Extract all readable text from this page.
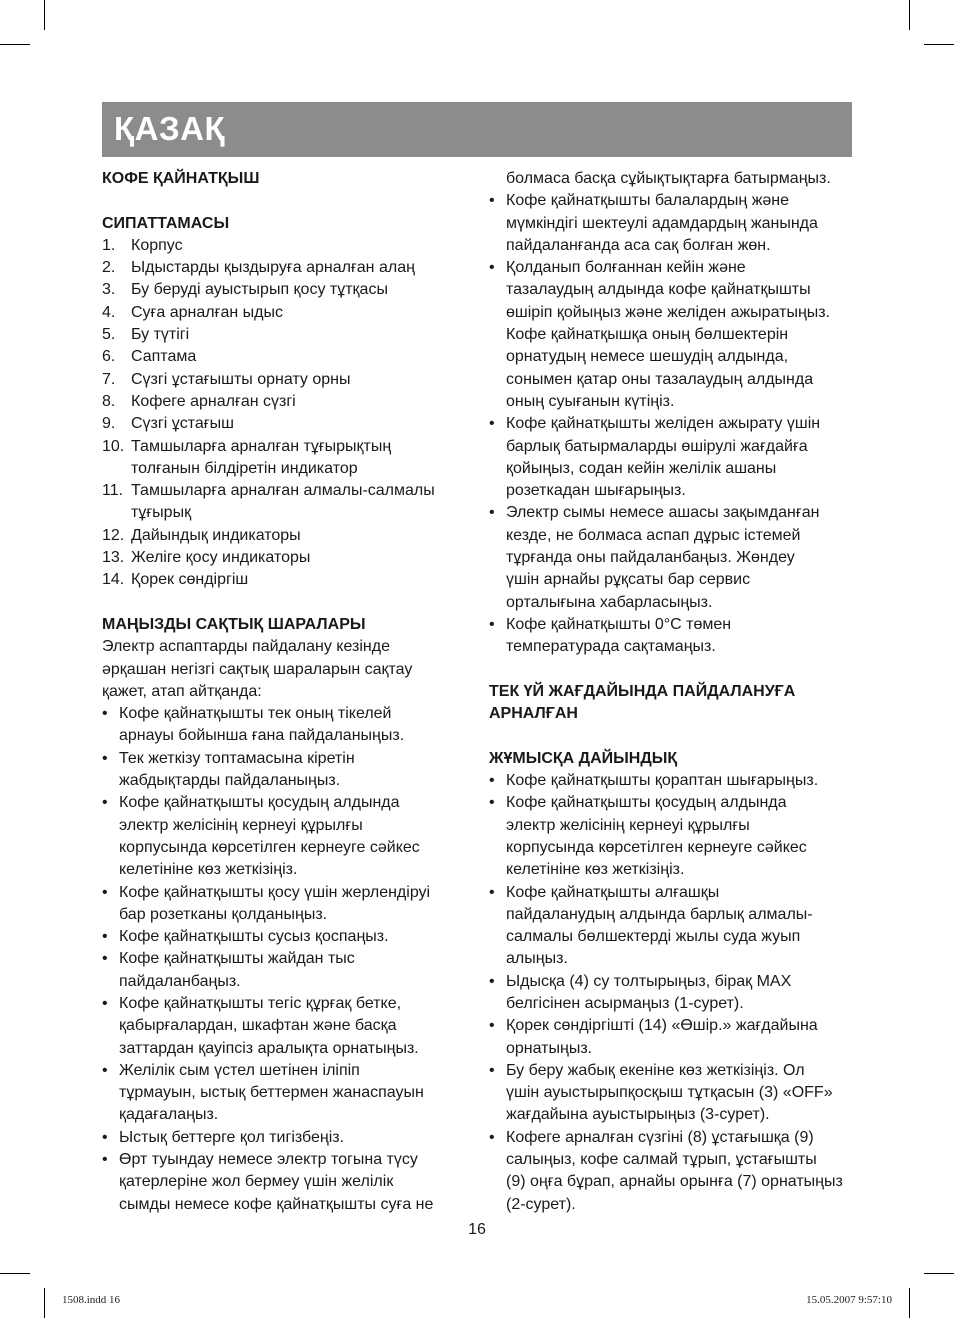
ҚАЗАҚ
КОФЕ ҚАЙНАТҚЫШ
СИПАТТАМАСЫ
1. Корпус
2. Ыдыстарды қыздыруға арналған алаң
3. Бу беруді ауыстырып қосу тұтқасы
4. Суға арналған ыдыс
5. Бу түтігі
6. Саптама
7. Сүзгі ұстағышты орнату орны
8. Кофеге арналған сүзгі
9. Сүзгі ұстағыш
10. Тамшыларға арналған тұғырықтың
толғанын білдіретін индикатор
11. Тамшыларға арналған алмалы-салмалы
тұғырық
12. Дайындық индикаторы
13. Желіге қосу индикаторы
14. Қорек сөндіргіш
МАҢЫЗДЫ САҚТЫҚ ШАРАЛАРЫ
Электр аспаптарды пайдалану кезінде
әрқашан негізгі сақтық шараларын сақтау
қажет, атап айтқанда:
• Кофе қайнатқышты тек оның тікелей
арнауы бойынша ғана пайдаланыңыз.
• Тек жеткізу топтамасына кіретін
жабдықтарды пайдаланыңыз.
• Кофе қайнатқышты қосудың алдында
электр желісінің кернеуі құрылғы
корпусында көрсетілген кернеуге сәйкес
келетініне көз жеткізіңіз.
• Кофе қайнатқышты қосу үшін жерлендіруі
бар розетканы қолданыңыз.
• Кофе қайнатқышты сусыз қоспаңыз.
• Кофе қайнатқышты жайдан тыс
пайдаланбаңыз.
• Кофе қайнатқышты тегіс құрғақ бетке,
қабырғалардан, шкафтан және басқа
заттардан қауіпсіз аралықта орнатыңыз.
• Желілік сым үстел шетінен іліпіп
тұрмауын, ыстық беттермен жанаспауын
қадағалаңыз.
• Ыстық беттерге қол тигізбеңіз.
• Өрт туындау немесе электр тогына түсу
қатерлеріне жол бермеу үшін желілік
сымды немесе кофе қайнатқышты суға не
болмаса басқа сұйықтықтарға батырмаңыз.
• Кофе қайнатқышты балалардың және
мүмкіндігі шектеулі адамдардың жанында
пайдаланғанда аса сақ болған жөн.
• Қолданып болғаннан кейін және
тазалаудың алдында кофе қайнатқышты
өшіріп қойыңыз және желіден ажыратыңыз.
Кофе қайнатқышқа оның бөлшектерін
орнатудың немесе шешудің алдында,
сонымен қатар оны тазалаудың алдында
оның суығанын күтіңіз.
• Кофе қайнатқышты желіден ажырату үшін
барлық батырмаларды өшірулі жағдайға
қойыңыз, содан кейін желілік ашаны
розеткадан шығарыңыз.
• Электр сымы немесе ашасы зақымданған
кезде, не болмаса аспап дұрыс істемей
тұрғанда оны пайдаланбаңыз. Жөндеу
үшін арнайы рұқсаты бар сервис
орталығына хабарласыңыз.
• Кофе қайнатқышты 0°С төмен
температурада сақтамаңыз.
ТЕК ҮЙ ЖАҒДАЙЫНДА ПАЙДАЛАНУҒА
АРНАЛҒАН
ЖҰМЫСҚА ДАЙЫНДЫҚ
• Кофе қайнатқышты қораптан шығарыңыз.
• Кофе қайнатқышты қосудың алдында
электр желісінің кернеуі құрылғы
корпусында көрсетілген кернеуге сәйкес
келетініне көз жеткізіңіз.
• Кофе қайнатқышты алғашқы
пайдаланудың алдында барлық алмалы-
салмалы бөлшектерді жылы суда жуып
алыңыз.
• Ыдысқа (4) су толтырыңыз, бірақ MAX
белгісінен асырмаңыз (1-сурет).
• Қорек сөндіргішті (14) «Өшір.» жағдайына
орнатыңыз.
• Бу беру жабық екеніне көз жеткізіңіз. Ол
үшін ауыстырыпқосқыш тұтқасын (3) «OFF»
жағдайына ауыстырыңыз (3-сурет).
• Кофеге арналған сүзгіні (8) ұстағышқа (9)
салыңыз, кофе салмай тұрып, ұстағышты
(9) оңға бұрап, арнайы орынға (7) орнатыңыз
(2-сурет).
16
1508.indd 16	15.05.2007 9:57:10
